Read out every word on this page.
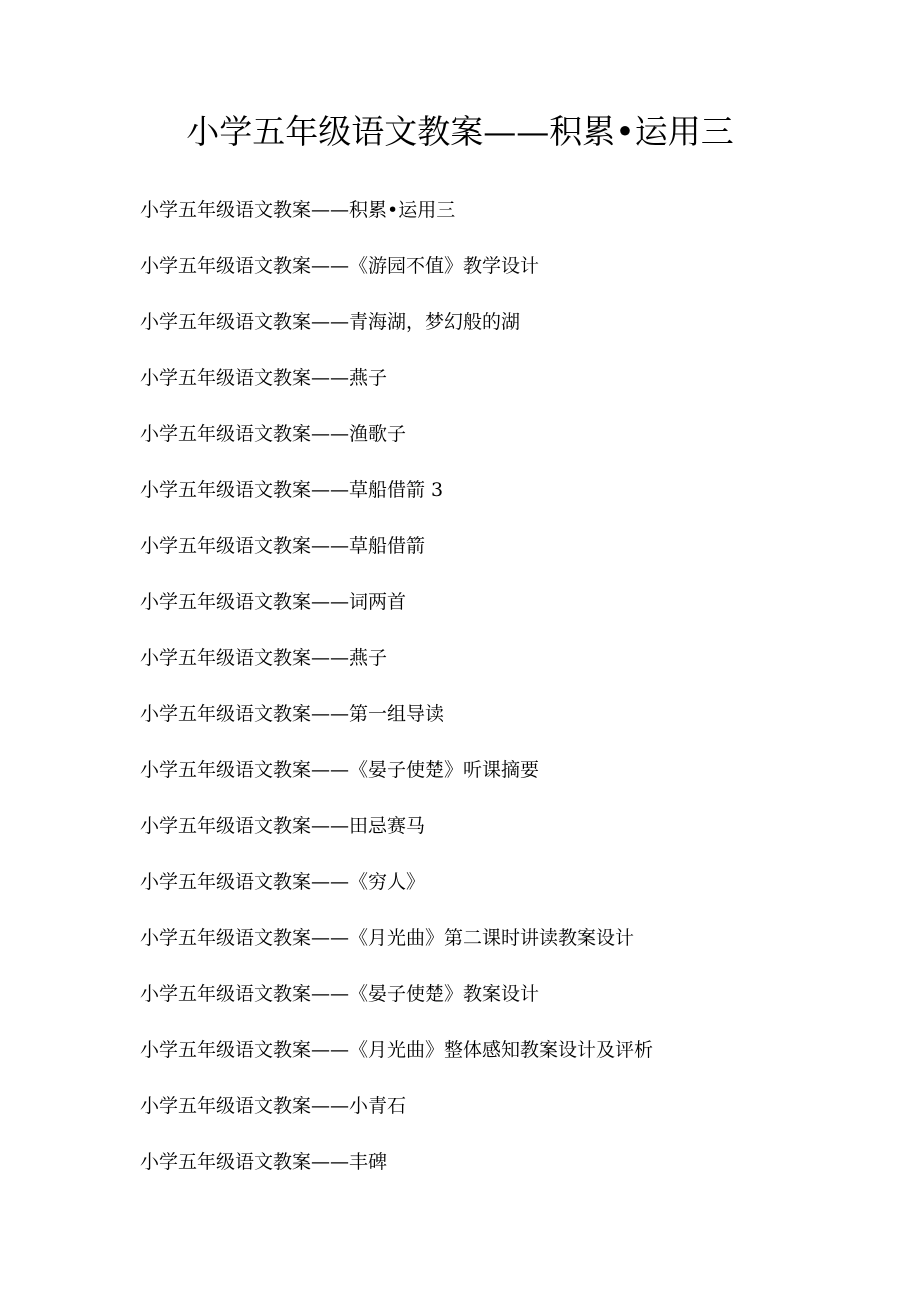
小学五年级语文教案——积累•运用三
小学五年级语文教案——积累•运用三
小学五年级语文教案——《游园不值》教学设计
小学五年级语文教案——青海湖，梦幻般的湖
小学五年级语文教案——燕子
小学五年级语文教案——渔歌子
小学五年级语文教案——草船借箭 3
小学五年级语文教案——草船借箭
小学五年级语文教案——词两首
小学五年级语文教案——燕子
小学五年级语文教案——第一组导读
小学五年级语文教案——《晏子使楚》听课摘要
小学五年级语文教案——田忌赛马
小学五年级语文教案——《穷人》
小学五年级语文教案——《月光曲》第二课时讲读教案设计
小学五年级语文教案——《晏子使楚》教案设计
小学五年级语文教案——《月光曲》整体感知教案设计及评析
小学五年级语文教案——小青石
小学五年级语文教案——丰碑
